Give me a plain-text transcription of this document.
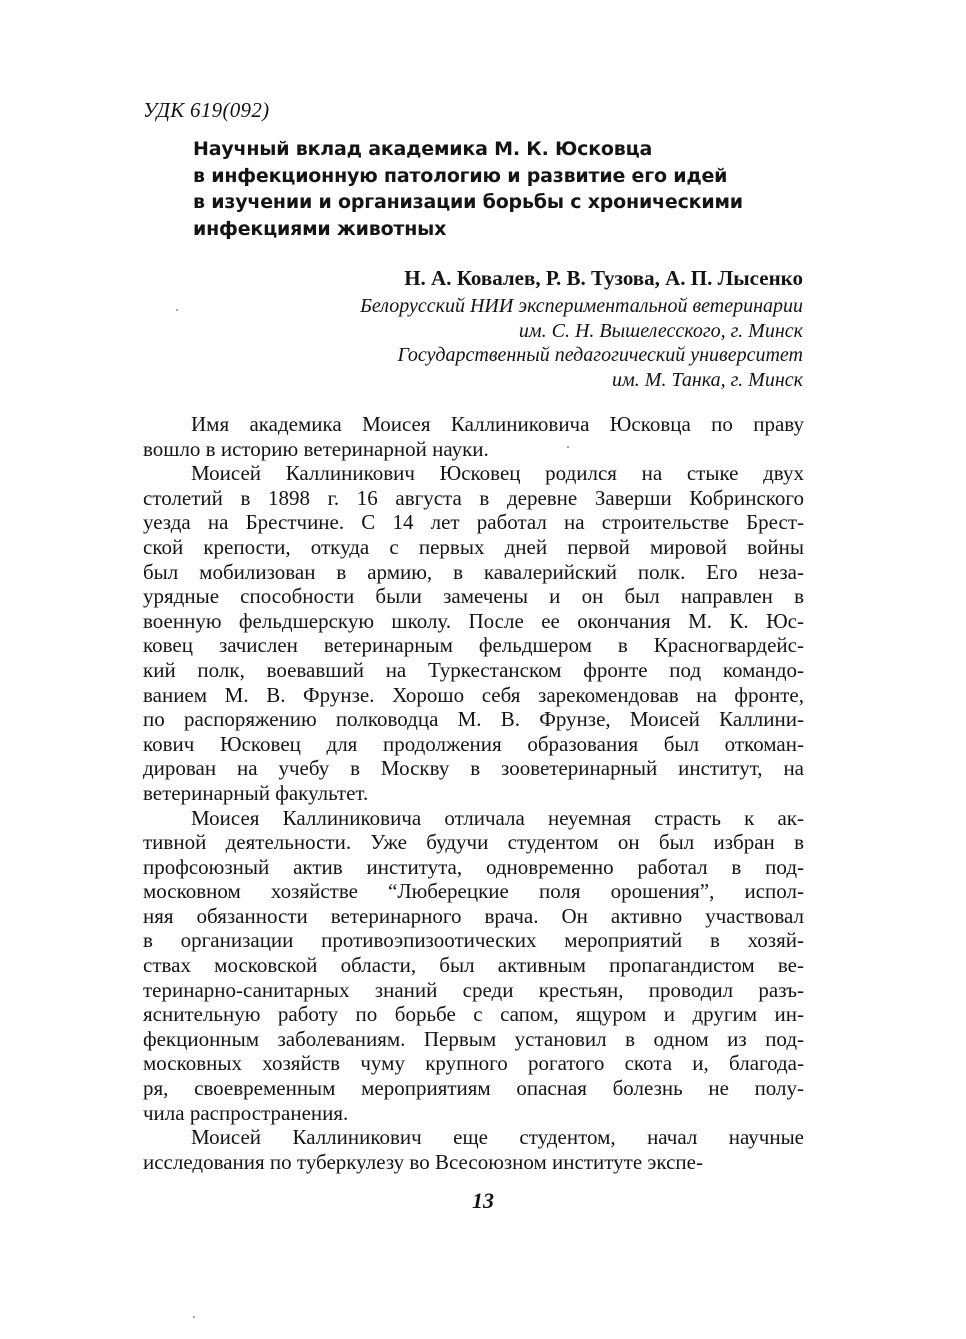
УДК 619(092)
Научный вклад академика М. К. Юсковца
в инфекционную патологию и развитие его идей
в изучении и организации борьбы с хроническими
инфекциями животных
Н. А. Ковалев, Р. В. Тузова, А. П. Лысенко
Белорусский НИИ экспериментальной ветеринарии
им. С. Н. Вышелесского, г. Минск
Государственный педагогический университет
им. М. Танка, г. Минск
Имя академика Моисея Каллиниковича Юсковца по праву
вошло в историю ветеринарной науки.
Моисей Каллиникович Юсковец родился на стыке двух
столетий в 1898 г. 16 августа в деревне Заверши Кобринского
уезда на Брестчине. С 14 лет работал на строительстве Брест-
ской крепости, откуда с первых дней первой мировой войны
был мобилизован в армию, в кавалерийский полк. Его неза-
урядные способности были замечены и он был направлен в
военную фельдшерскую школу. После ее окончания М. К. Юс-
ковец зачислен ветеринарным фельдшером в Красногвардейс-
кий полк, воевавший на Туркестанском фронте под командо-
ванием М. В. Фрунзе. Хорошо себя зарекомендовав на фронте,
по распоряжению полководца М. В. Фрунзе, Моисей Каллини-
кович Юсковец для продолжения образования был откоман-
дирован на учебу в Москву в зооветеринарный институт, на
ветеринарный факультет.
Моисея Каллиниковича отличала неуемная страсть к ак-
тивной деятельности. Уже будучи студентом он был избран в
профсоюзный актив института, одновременно работал в под-
московном хозяйстве “Люберецкие поля орошения”, испол-
няя обязанности ветеринарного врача. Он активно участвовал
в организации противоэпизоотических мероприятий в хозяй-
ствах московской области, был активным пропагандистом ве-
теринарно-санитарных знаний среди крестьян, проводил разъ-
яснительную работу по борьбе с сапом, ящуром и другим ин-
фекционным заболеваниям. Первым установил в одном из под-
московных хозяйств чуму крупного рогатого скота и, благода-
ря, своевременным мероприятиям опасная болезнь не полу-
чила распространения.
Моисей Каллиникович еще студентом, начал научные
исследования по туберкулезу во Всесоюзном институте экспе-
13
